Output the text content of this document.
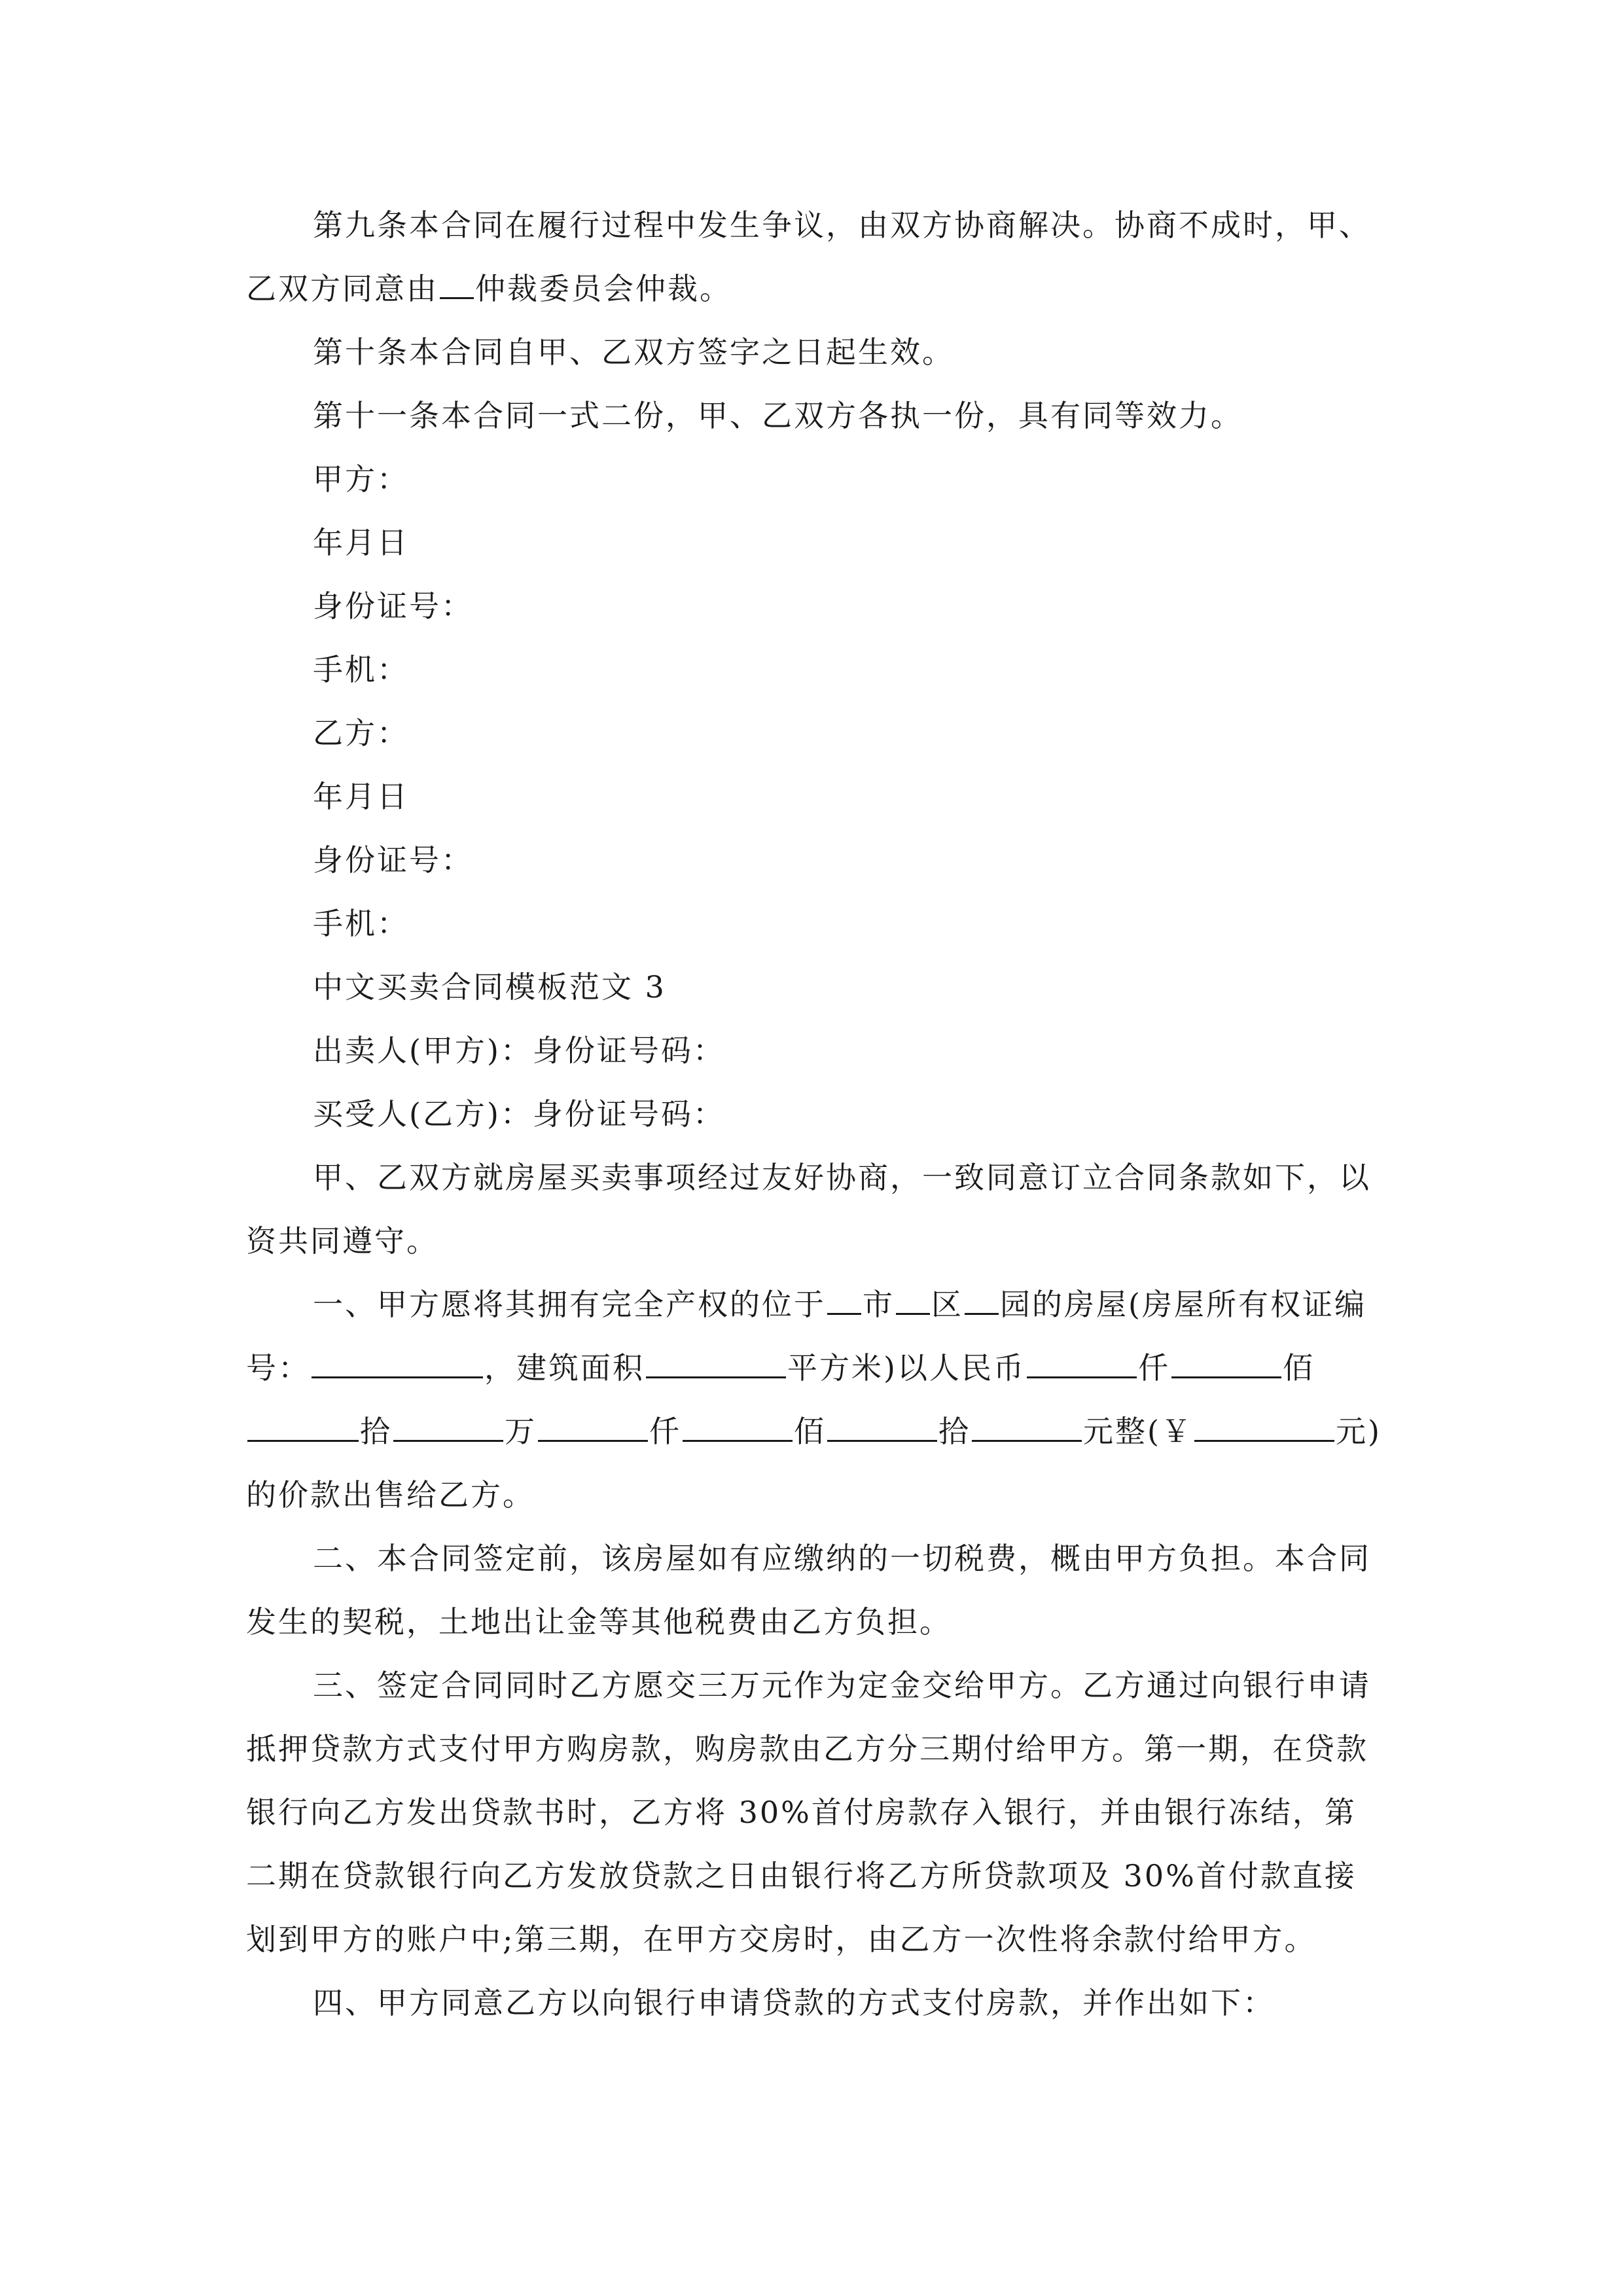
第九条本合同在履行过程中发生争议，由双方协商解决。协商不成时，甲、
乙双方同意由 仲裁委员会仲裁。

第十条本合同自甲、乙双方签字之日起生效。

第十一条本合同一式二份，甲、乙双方各执一份，具有同等效力。

甲方：

年月日

身份证号：

手机：

乙方：

年月日

身份证号：

手机：

中文买卖合同模板范文 3

出卖人(甲方)：身份证号码：

买受人(乙方)：身份证号码：

甲、乙双方就房屋买卖事项经过友好协商，一致同意订立合同条款如下，以资共同遵守。

一、甲方愿将其拥有完全产权的位于 市 区 园的房屋(房屋所有权证编
号：	，建筑面积	平方米)以人民币	仟	佰
拾	万	仟	佰	拾	元整(￥	元)
的价款出售给乙方。

二、本合同签定前，该房屋如有应缴纳的一切税费，概由甲方负担。本合同发生的契税，土地出让金等其他税费由乙方负担。

三、签定合同同时乙方愿交三万元作为定金交给甲方。乙方通过向银行申请抵押贷款方式支付甲方购房款，购房款由乙方分三期付给甲方。第一期，在贷款银行向乙方发出贷款书时，乙方将 30%首付房款存入银行，并由银行冻结，第二期在贷款银行向乙方发放贷款之日由银行将乙方所贷款项及 30%首付款直接划到甲方的账户中;第三期，在甲方交房时，由乙方一次性将余款付给甲方。

四、甲方同意乙方以向银行申请贷款的方式支付房款，并作出如下：
